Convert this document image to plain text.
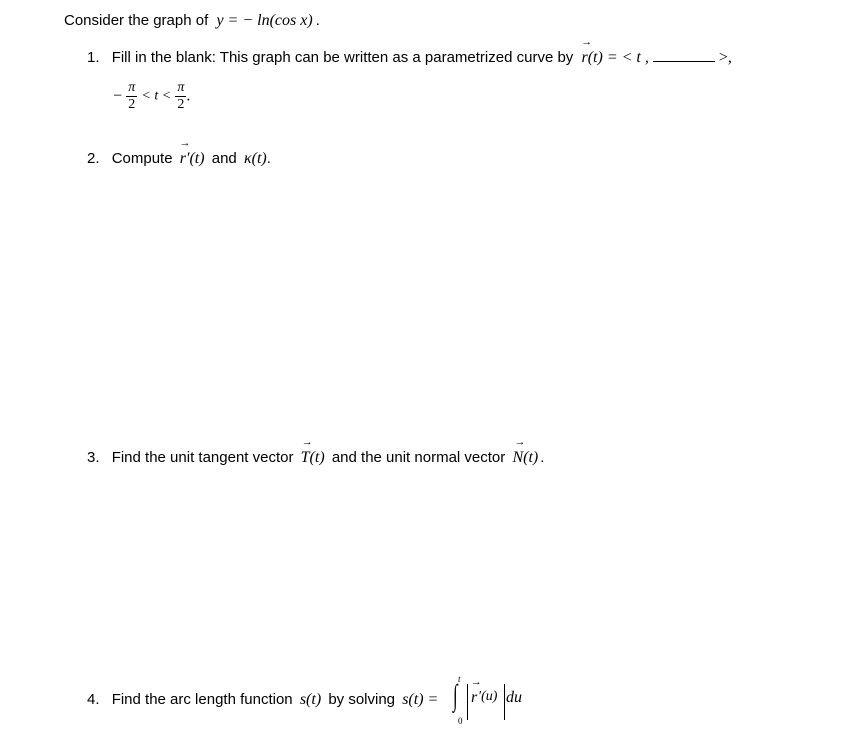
Consider the graph of y = − ln(cos x) .
1. Fill in the blank: This graph can be written as a parametrized curve by
→
r(t) = < t ,	>,
− $\frac{\pi}{2} < t < \frac{\pi}{2}$ .
2. Compute
→
r′(t) and κ(t).
3. Find the unit tangent vector
→
T(t) and the unit normal vector
→
N(t) .
4. Find the arc length function s(t) by solving s(t) =
t
∫
0
→
r ′(u) du
